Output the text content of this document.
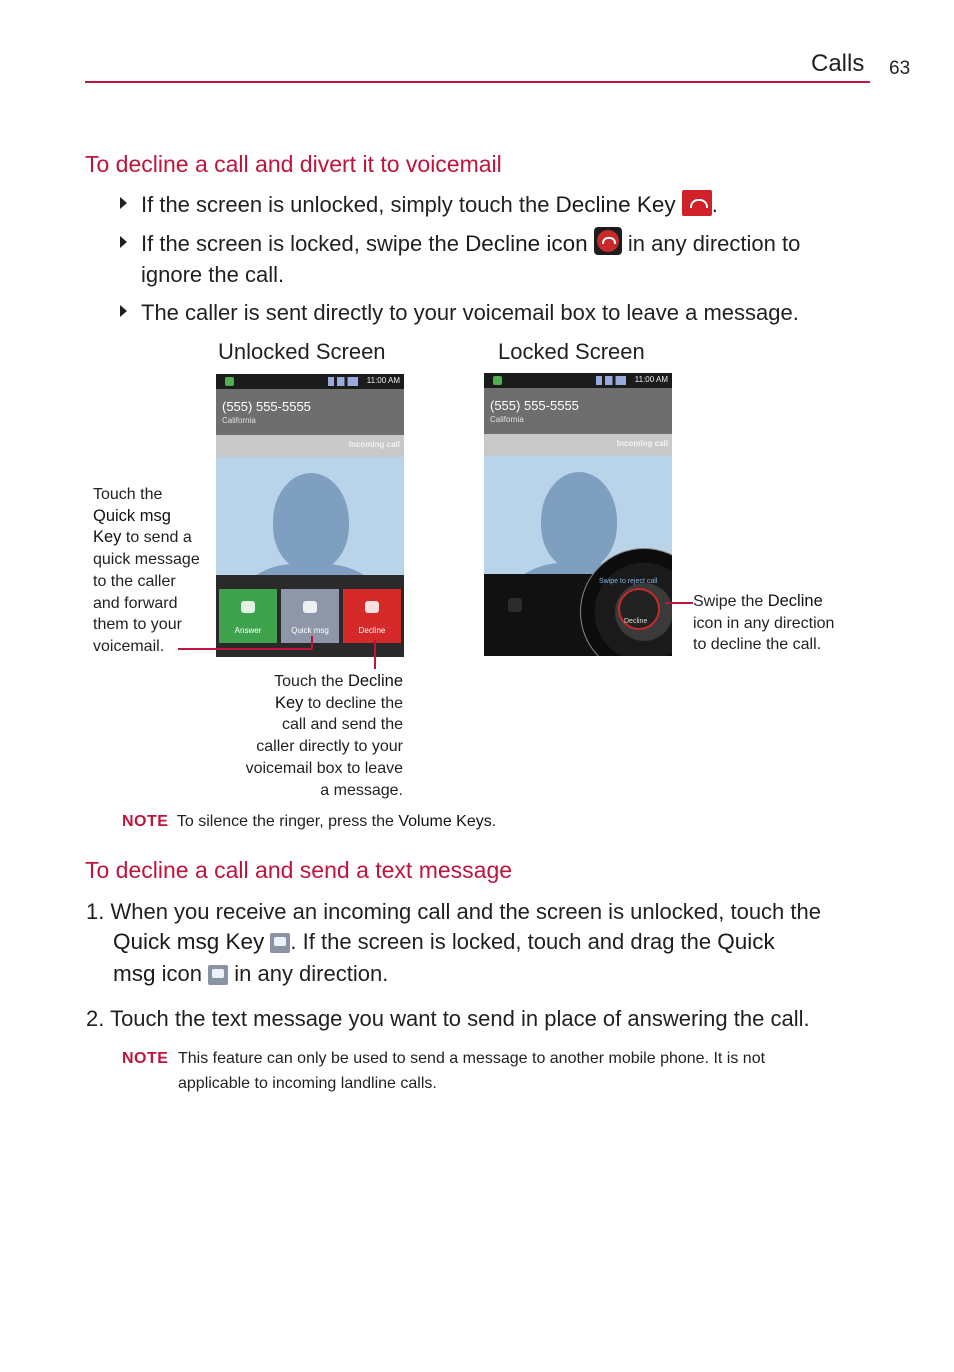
Calls 63
To decline a call and divert it to voicemail
If the screen is unlocked, simply touch the Decline Key .
If the screen is locked, swipe the Decline icon  in any direction to
ignore the call.
The caller is sent directly to your voicemail box to leave a message.
Unlocked Screen	Locked Screen
11:00 AM
(555) 555-5555
California
Incoming call
Answer	Quick msg	Decline
11:00 AM
(555) 555-5555
California
Incoming call
Swipe to reject call
Decline
Touch the
Quick msg
Key to send a
quick message
to the caller
and forward
them to your
voicemail.
Touch the Decline
Key to decline the
call and send the
caller directly to your
voicemail box to leave
a message.
Swipe the Decline
icon in any direction
to decline the call.
NOTE To silence the ringer, press the Volume Keys.
To decline a call and send a text message
1. When you receive an incoming call and the screen is unlocked, touch the
Quick msg Key . If the screen is locked, touch and drag the Quick
msg icon  in any direction.
2. Touch the text message you want to send in place of answering the call.
NOTE This feature can only be used to send a message to another mobile phone. It is not
applicable to incoming landline calls.
